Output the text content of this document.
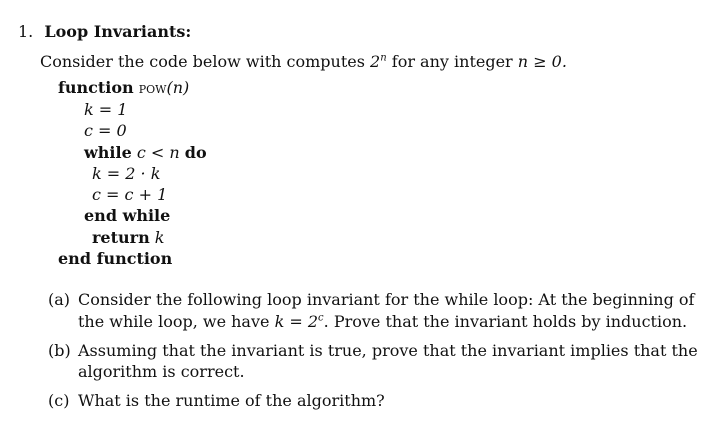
1. Loop Invariants:
Consider the code below with computes 2$^n$ for any integer n ≥ 0.
function pow(n)
k = 1
c = 0
while c < n do
k = 2 · k
c = c + 1
end while
return k
end function
(a) Consider the following loop invariant for the while loop: At the beginning of
the while loop, we have $k = 2^c$. Prove that the invariant holds by induction.
(b) Assuming that the invariant is true, prove that the invariant implies that the
algorithm is correct.
(c) What is the runtime of the algorithm?
